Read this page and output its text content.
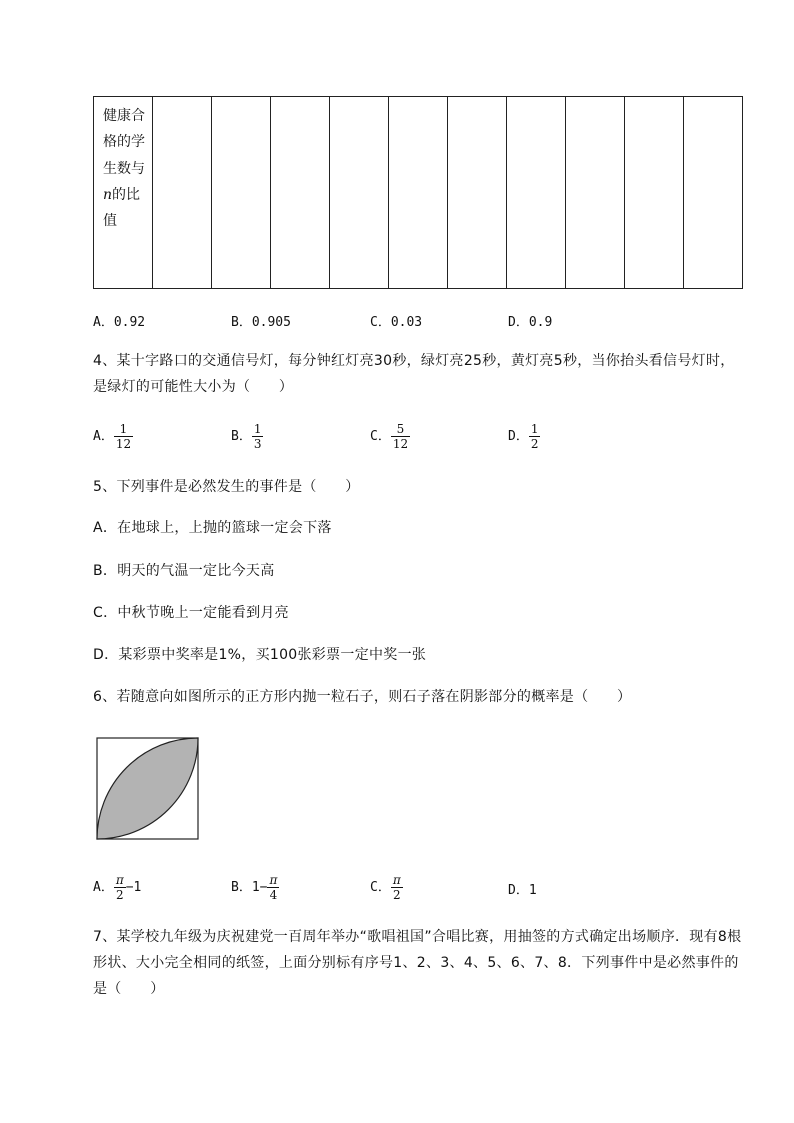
健康合格的学生数与n的比值

A．0.92	B．0.905	C．0.03	D．0.9
4、某十字路口的交通信号灯，每分钟红灯亮30秒，绿灯亮25秒，黄灯亮5秒，当你抬头看信号灯时，是绿灯的可能性大小为（　　）
A． $\frac{1}{12}$	B． $\frac{1}{3}$	C． $\frac{5}{12}$	D． $\frac{1}{2}$
5、下列事件是必然发生的事件是（　　）
A．在地球上，上抛的篮球一定会下落
B．明天的气温一定比今天高
C．中秋节晚上一定能看到月亮
D．某彩票中奖率是1%，买100张彩票一定中奖一张
6、若随意向如图所示的正方形内抛一粒石子，则石子落在阴影部分的概率是（　　）
A． $\frac{\pi}{2} -1$	B．$1- \frac{\pi}{4}$	C． $\frac{\pi}{2}$	D．1
7、某学校九年级为庆祝建党一百周年举办“歌唱祖国”合唱比赛，用抽签的方式确定出场顺序．现有8根形状、大小完全相同的纸签，上面分别标有序号1、2、3、4、5、6、7、8．下列事件中是必然事件的是（　　）
